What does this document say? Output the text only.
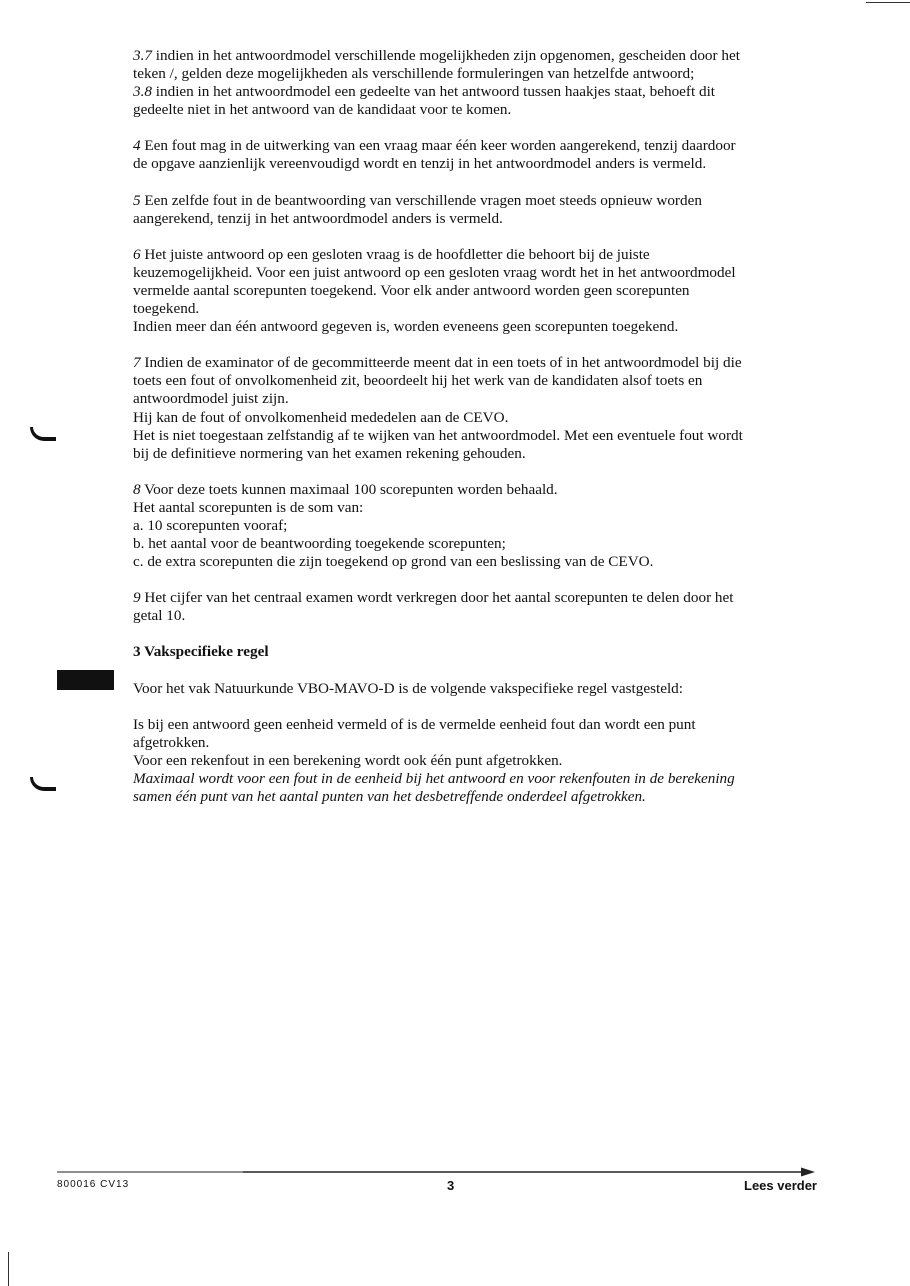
3.7 indien in het antwoordmodel verschillende mogelijkheden zijn opgenomen, gescheiden door het teken /, gelden deze mogelijkheden als verschillende formuleringen van hetzelfde antwoord;

3.8 indien in het antwoordmodel een gedeelte van het antwoord tussen haakjes staat, behoeft dit gedeelte niet in het antwoord van de kandidaat voor te komen.

4 Een fout mag in de uitwerking van een vraag maar één keer worden aangerekend, tenzij daardoor de opgave aanzienlijk vereenvoudigd wordt en tenzij in het antwoordmodel anders is vermeld.

5 Een zelfde fout in de beantwoording van verschillende vragen moet steeds opnieuw worden aangerekend, tenzij in het antwoordmodel anders is vermeld.

6 Het juiste antwoord op een gesloten vraag is de hoofdletter die behoort bij de juiste keuzemogelijkheid. Voor een juist antwoord op een gesloten vraag wordt het in het antwoordmodel vermelde aantal scorepunten toegekend. Voor elk ander antwoord worden geen scorepunten toegekend.

Indien meer dan één antwoord gegeven is, worden eveneens geen scorepunten toegekend.

7 Indien de examinator of de gecommitteerde meent dat in een toets of in het antwoordmodel bij die toets een fout of onvolkomenheid zit, beoordeelt hij het werk van de kandidaten alsof toets en antwoordmodel juist zijn.

Hij kan de fout of onvolkomenheid mededelen aan de CEVO.

Het is niet toegestaan zelfstandig af te wijken van het antwoordmodel. Met een eventuele fout wordt bij de definitieve normering van het examen rekening gehouden.

8 Voor deze toets kunnen maximaal 100 scorepunten worden behaald.

Het aantal scorepunten is de som van:

a. 10 scorepunten vooraf;

b. het aantal voor de beantwoording toegekende scorepunten;

c. de extra scorepunten die zijn toegekend op grond van een beslissing van de CEVO.

9 Het cijfer van het centraal examen wordt verkregen door het aantal scorepunten te delen door het getal 10.

3 Vakspecifieke regel

Voor het vak Natuurkunde VBO-MAVO-D is de volgende vakspecifieke regel vastgesteld:

Is bij een antwoord geen eenheid vermeld of is de vermelde eenheid fout dan wordt een punt afgetrokken.

Voor een rekenfout in een berekening wordt ook één punt afgetrokken.

Maximaal wordt voor een fout in de eenheid bij het antwoord en voor rekenfouten in de berekening samen één punt van het aantal punten van het desbetreffende onderdeel afgetrokken.

800016 CV13	3	Lees verder
